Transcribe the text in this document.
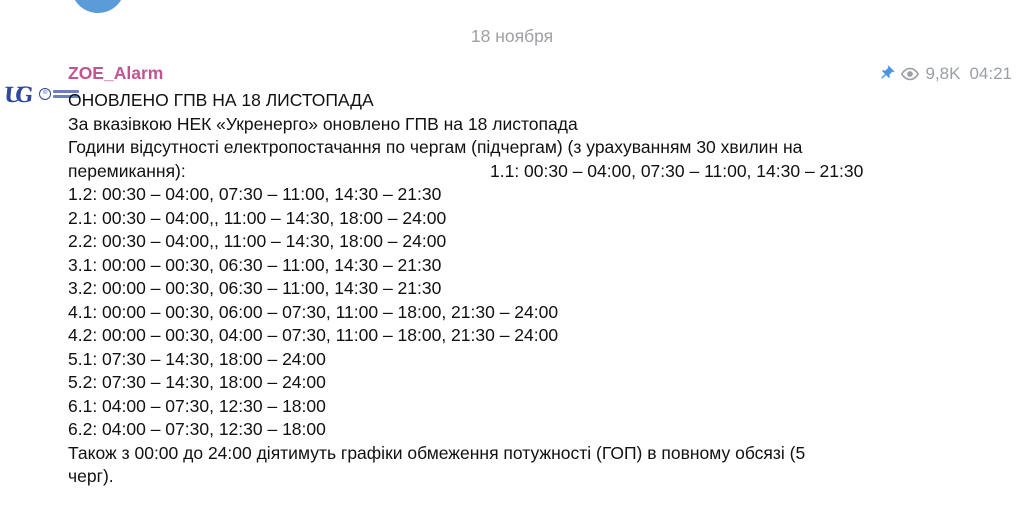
18 ноября
UG	℗
ZOE_Alarm	9,8K 04:21
ОНОВЛЕНО ГПВ НА 18 ЛИСТОПАДА
За вказівкою НЕК «Укренерго» оновлено ГПВ на 18 листопада
Години відсутності електропостачання по чергам (підчергам) (з урахуванням 30 хвилин на
перемикання):	1.1: 00:30 – 04:00, 07:30 – 11:00, 14:30 – 21:30
1.2: 00:30 – 04:00, 07:30 – 11:00, 14:30 – 21:30
2.1: 00:30 – 04:00,, 11:00 – 14:30, 18:00 – 24:00
2.2: 00:30 – 04:00,, 11:00 – 14:30, 18:00 – 24:00
3.1: 00:00 – 00:30, 06:30 – 11:00, 14:30 – 21:30
3.2: 00:00 – 00:30, 06:30 – 11:00, 14:30 – 21:30
4.1: 00:00 – 00:30, 06:00 – 07:30, 11:00 – 18:00, 21:30 – 24:00
4.2: 00:00 – 00:30, 04:00 – 07:30, 11:00 – 18:00, 21:30 – 24:00
5.1: 07:30 – 14:30, 18:00 – 24:00
5.2: 07:30 – 14:30, 18:00 – 24:00
6.1: 04:00 – 07:30, 12:30 – 18:00
6.2: 04:00 – 07:30, 12:30 – 18:00
Також з 00:00 до 24:00 діятимуть графіки обмеження потужності (ГОП) в повному обсязі (5
черг).
